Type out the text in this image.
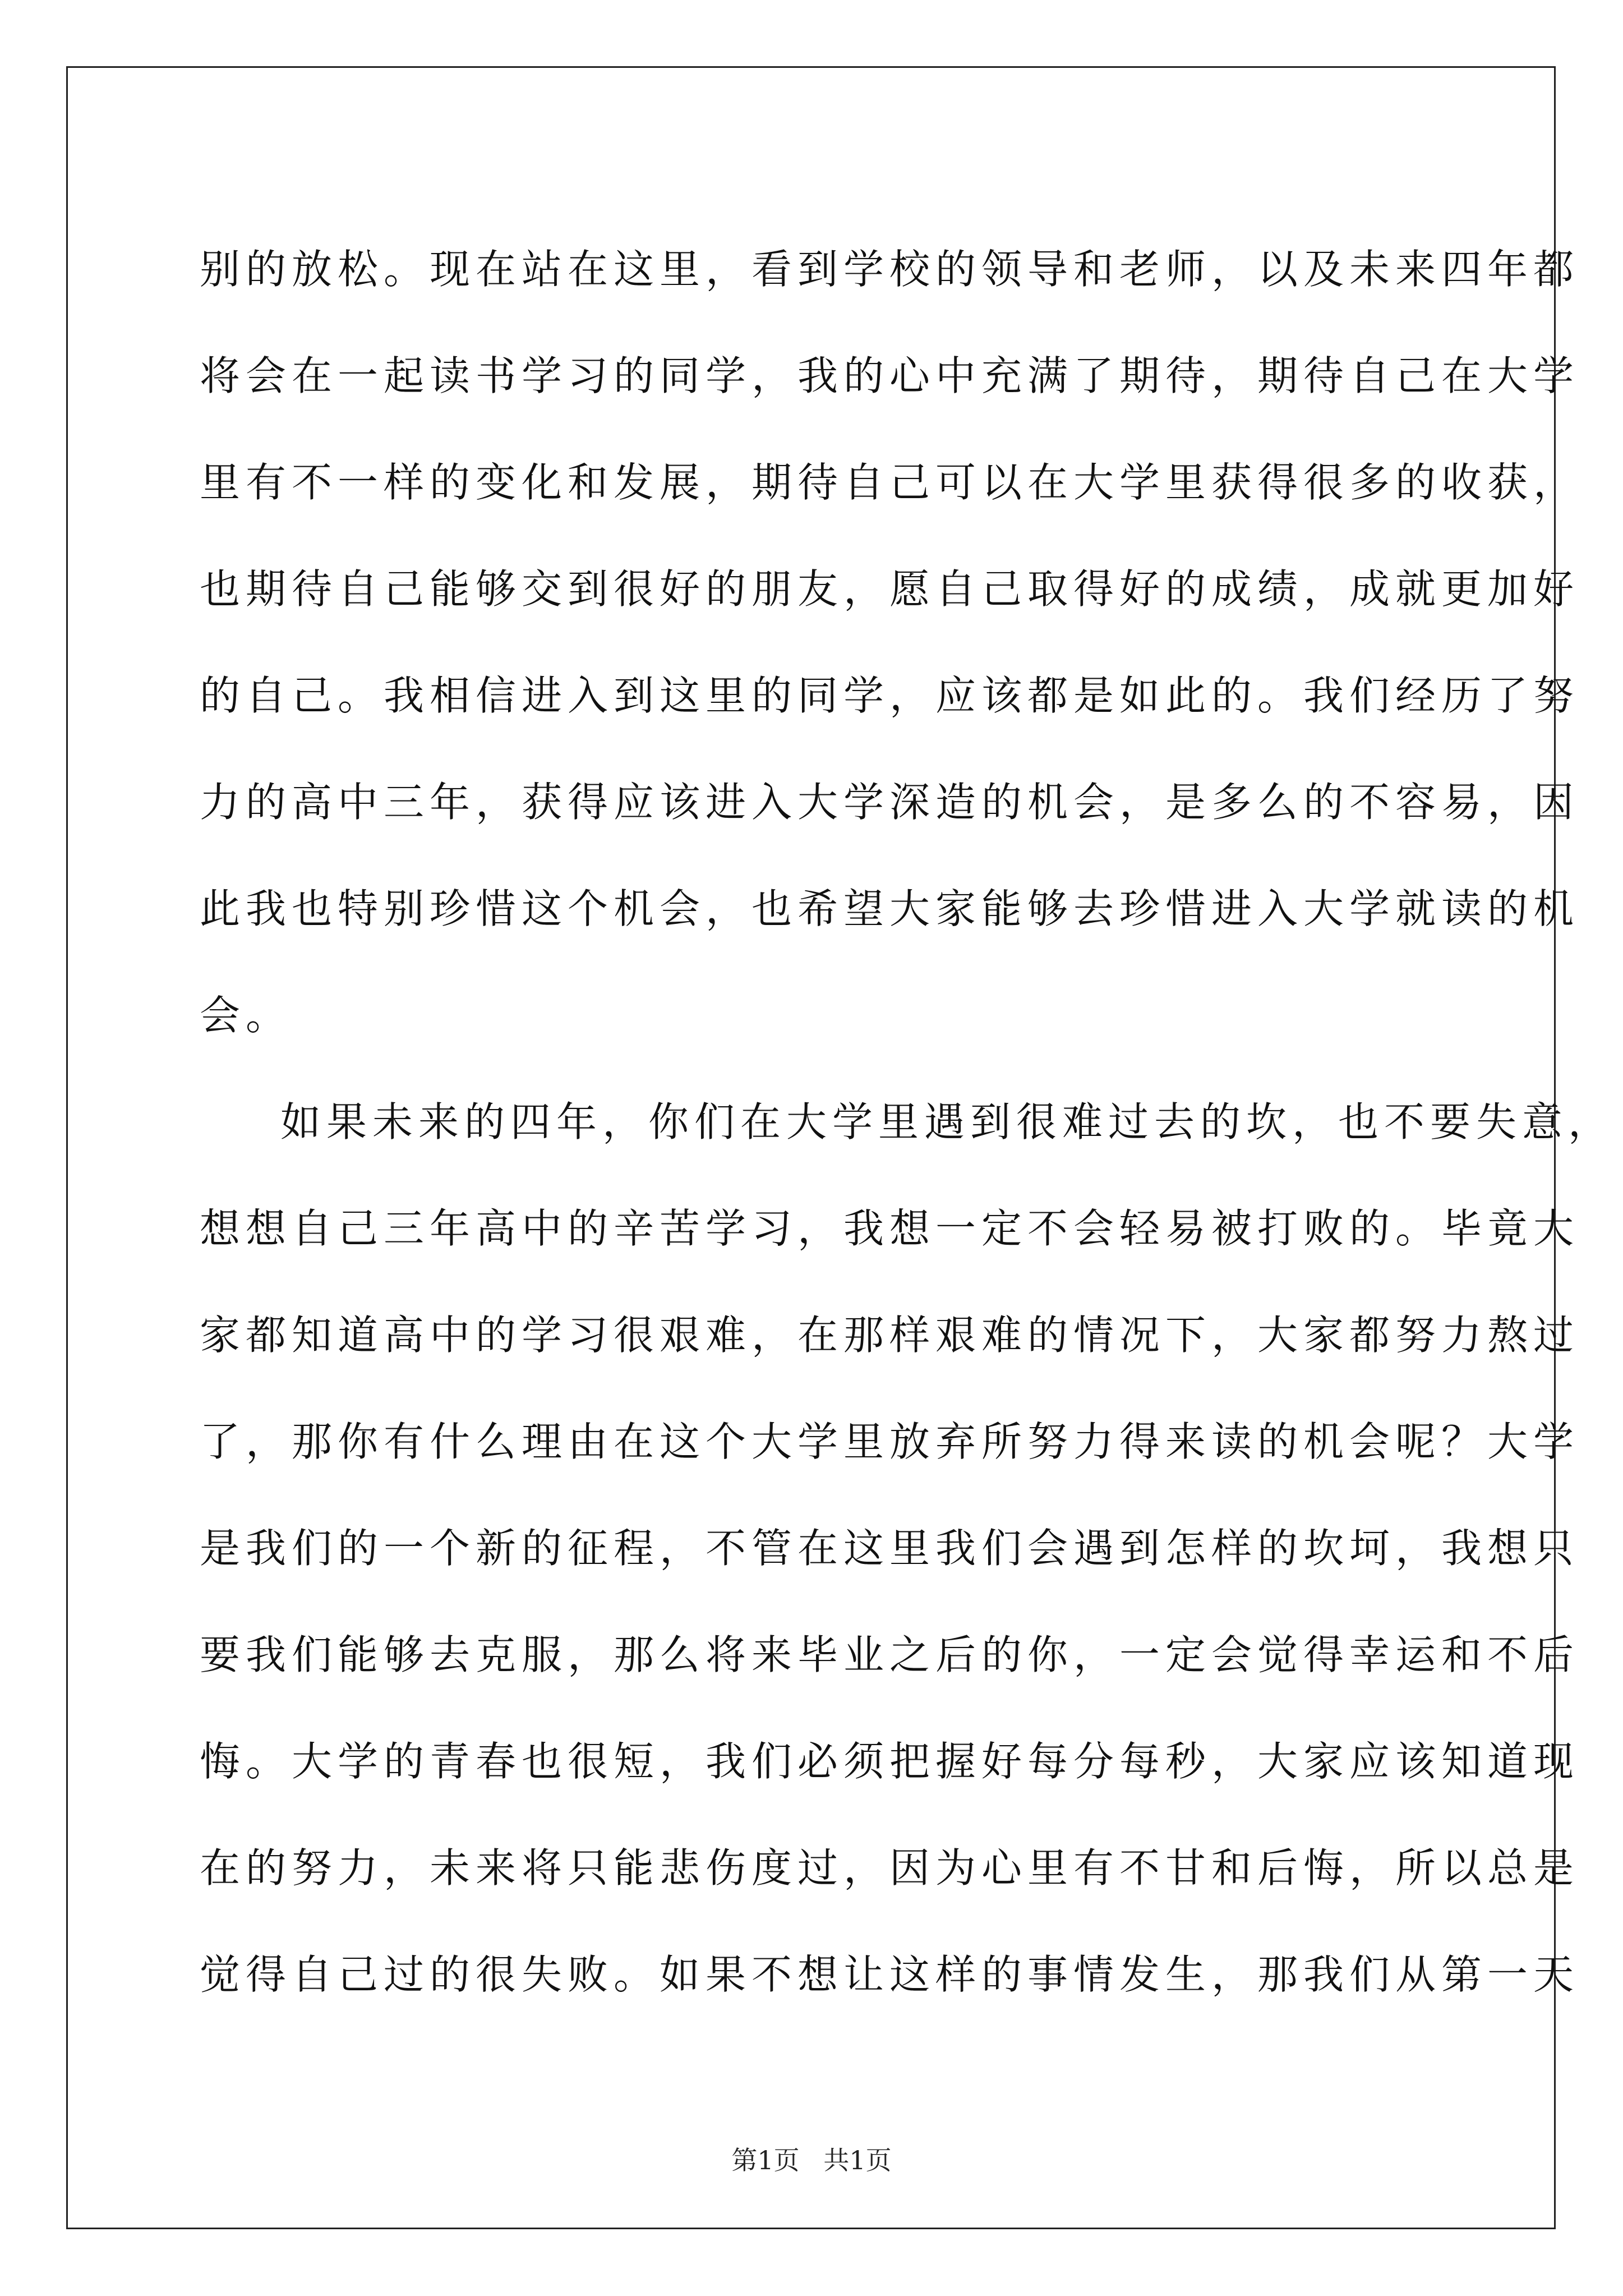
别的放松。现在站在这里，看到学校的领导和老师，以及未来四年都
将会在一起读书学习的同学，我的心中充满了期待，期待自己在大学
里有不一样的变化和发展，期待自己可以在大学里获得很多的收获，
也期待自己能够交到很好的朋友，愿自己取得好的成绩，成就更加好
的自己。我相信进入到这里的同学，应该都是如此的。我们经历了努
力的高中三年，获得应该进入大学深造的机会，是多么的不容易，因
此我也特别珍惜这个机会，也希望大家能够去珍惜进入大学就读的机
会。
如果未来的四年，你们在大学里遇到很难过去的坎，也不要失意，
想想自己三年高中的辛苦学习，我想一定不会轻易被打败的。毕竟大
家都知道高中的学习很艰难，在那样艰难的情况下，大家都努力熬过
了，那你有什么理由在这个大学里放弃所努力得来读的机会呢？大学
是我们的一个新的征程，不管在这里我们会遇到怎样的坎坷，我想只
要我们能够去克服，那么将来毕业之后的你，一定会觉得幸运和不后
悔。大学的青春也很短，我们必须把握好每分每秒，大家应该知道现
在的努力，未来将只能悲伤度过，因为心里有不甘和后悔，所以总是
觉得自己过的很失败。如果不想让这样的事情发生，那我们从第一天
第1页 共1页
